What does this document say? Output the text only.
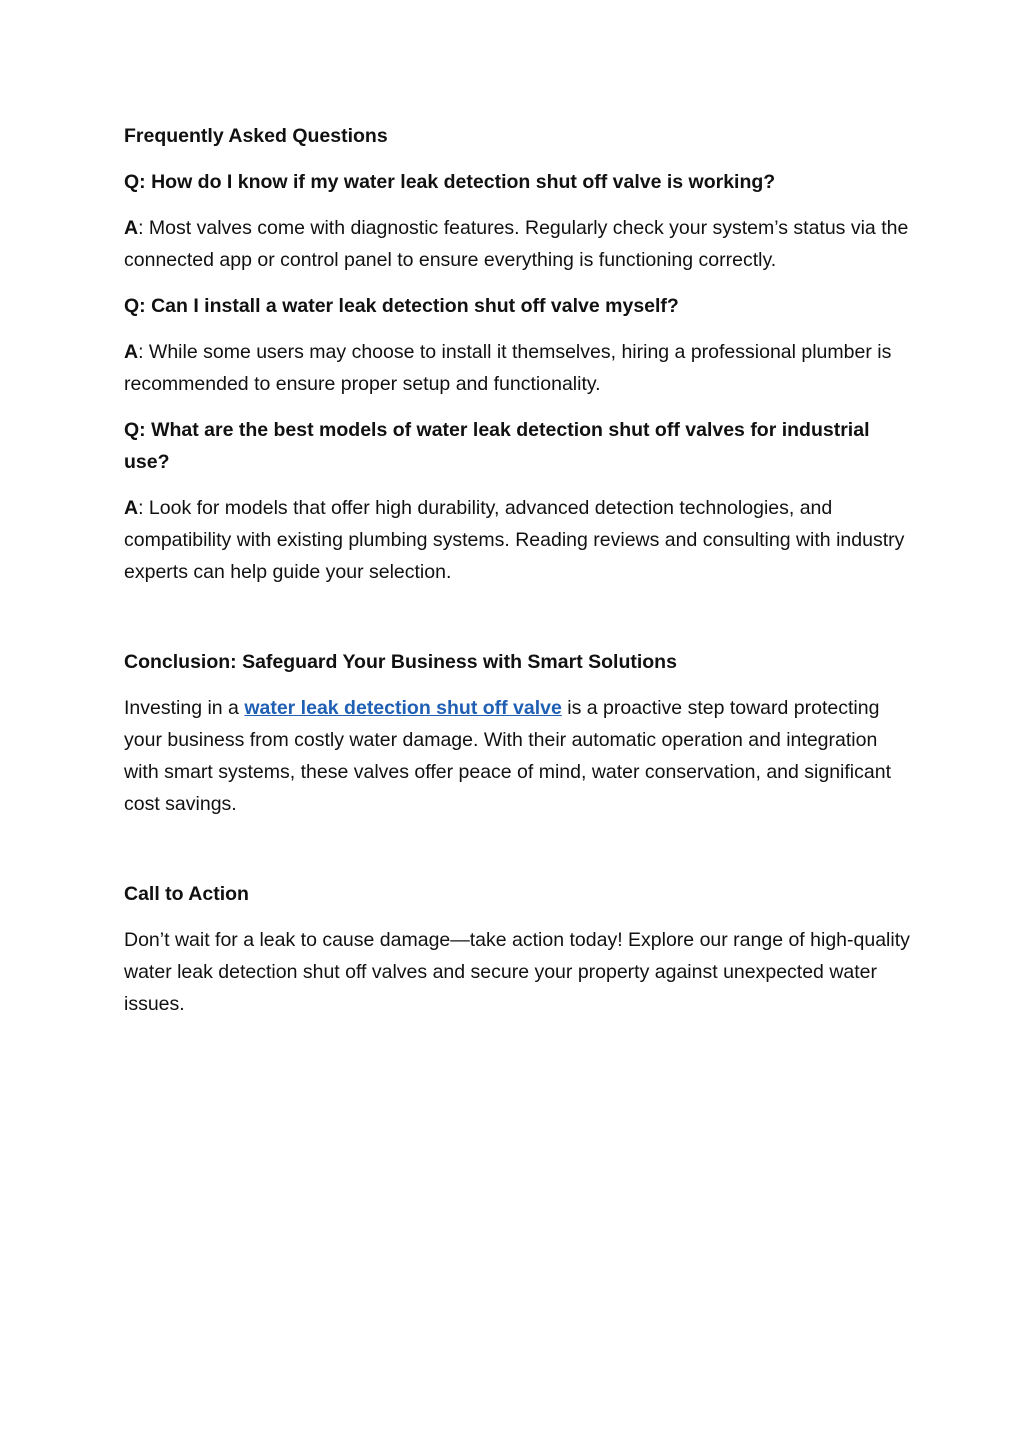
Frequently Asked Questions
Q: How do I know if my water leak detection shut off valve is working?
A: Most valves come with diagnostic features. Regularly check your system’s status via the connected app or control panel to ensure everything is functioning correctly.
Q: Can I install a water leak detection shut off valve myself?
A: While some users may choose to install it themselves, hiring a professional plumber is recommended to ensure proper setup and functionality.
Q: What are the best models of water leak detection shut off valves for industrial use?
A: Look for models that offer high durability, advanced detection technologies, and compatibility with existing plumbing systems. Reading reviews and consulting with industry experts can help guide your selection.
Conclusion: Safeguard Your Business with Smart Solutions
Investing in a water leak detection shut off valve is a proactive step toward protecting your business from costly water damage. With their automatic operation and integration with smart systems, these valves offer peace of mind, water conservation, and significant cost savings.
Call to Action
Don’t wait for a leak to cause damage—take action today! Explore our range of high-quality water leak detection shut off valves and secure your property against unexpected water issues.
